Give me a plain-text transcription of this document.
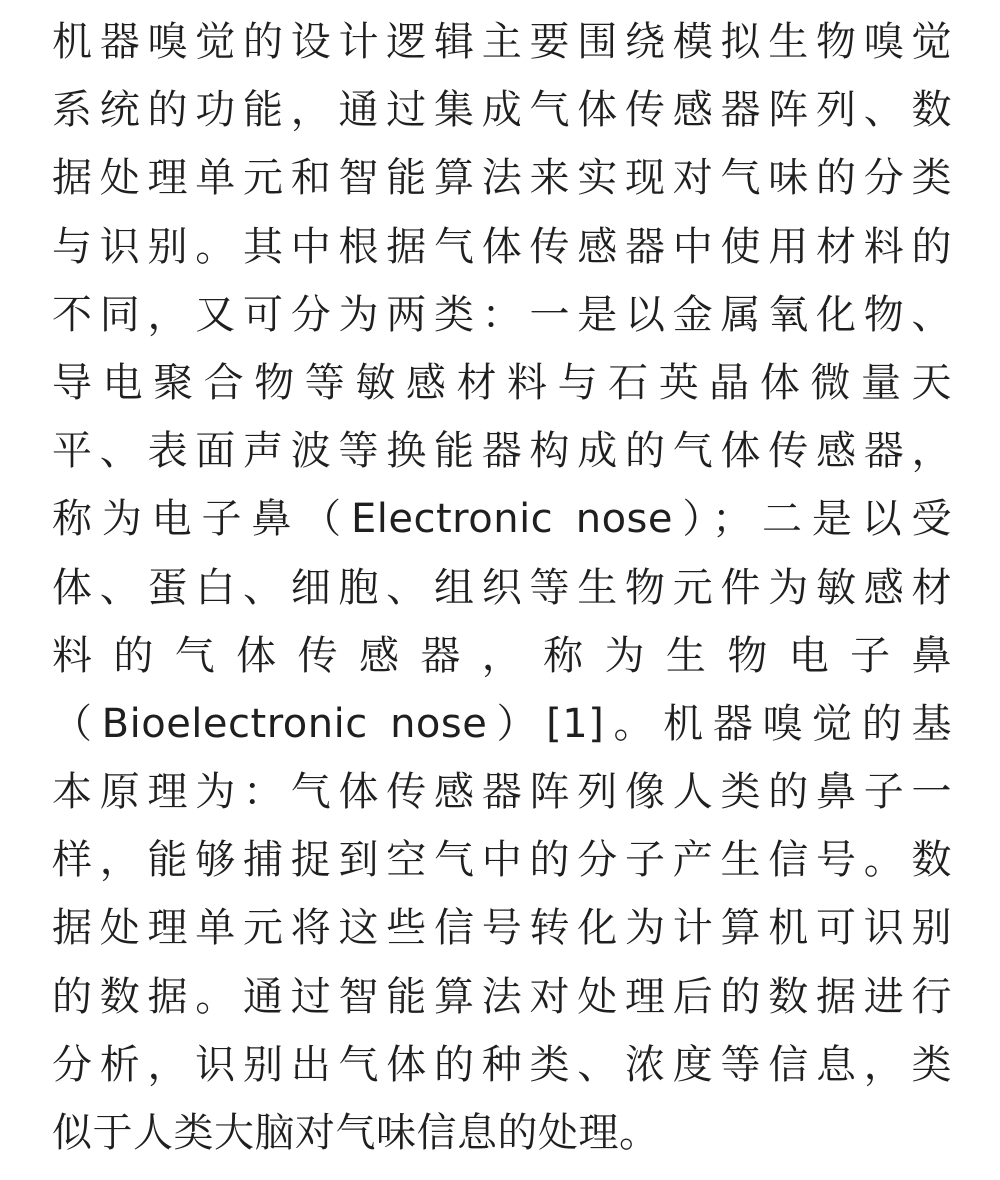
机器嗅觉的设计逻辑主要围绕模拟生物嗅觉
系统的功能，通过集成气体传感器阵列、数
据处理单元和智能算法来实现对气味的分类
与识别。其中根据气体传感器中使用材料的
不同，又可分为两类：一是以金属氧化物、
导电聚合物等敏感材料与石英晶体微量天
平、表面声波等换能器构成的气体传感器，
称为电子鼻（Electronic nose）；二是以受
体、蛋白、细胞、组织等生物元件为敏感材
料 的 气 体 传 感 器 ， 称 为 生 物 电 子 鼻
（Bioelectronic nose）[1]。机器嗅觉的基
本原理为：气体传感器阵列像人类的鼻子一
样，能够捕捉到空气中的分子产生信号。数
据处理单元将这些信号转化为计算机可识别
的数据。通过智能算法对处理后的数据进行
分析，识别出气体的种类、浓度等信息，类
似于人类大脑对气味信息的处理。
